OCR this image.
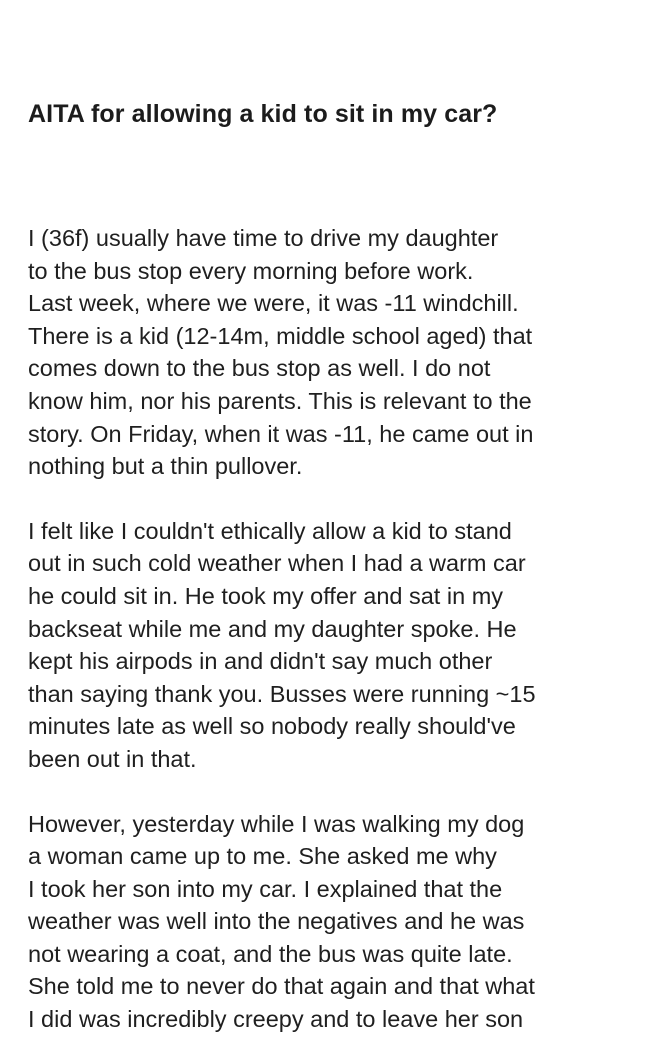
AITA for allowing a kid to sit in my car?

I (36f) usually have time to drive my daughter
to the bus stop every morning before work.
Last week, where we were, it was -11 windchill.
There is a kid (12-14m, middle school aged) that
comes down to the bus stop as well. I do not
know him, nor his parents. This is relevant to the
story. On Friday, when it was -11, he came out in
nothing but a thin pullover.

I felt like I couldn't ethically allow a kid to stand
out in such cold weather when I had a warm car
he could sit in. He took my offer and sat in my
backseat while me and my daughter spoke. He
kept his airpods in and didn't say much other
than saying thank you. Busses were running ~15
minutes late as well so nobody really should've
been out in that.

However, yesterday while I was walking my dog
a woman came up to me. She asked me why
I took her son into my car. I explained that the
weather was well into the negatives and he was
not wearing a coat, and the bus was quite late.
She told me to never do that again and that what
I did was incredibly creepy and to leave her son
